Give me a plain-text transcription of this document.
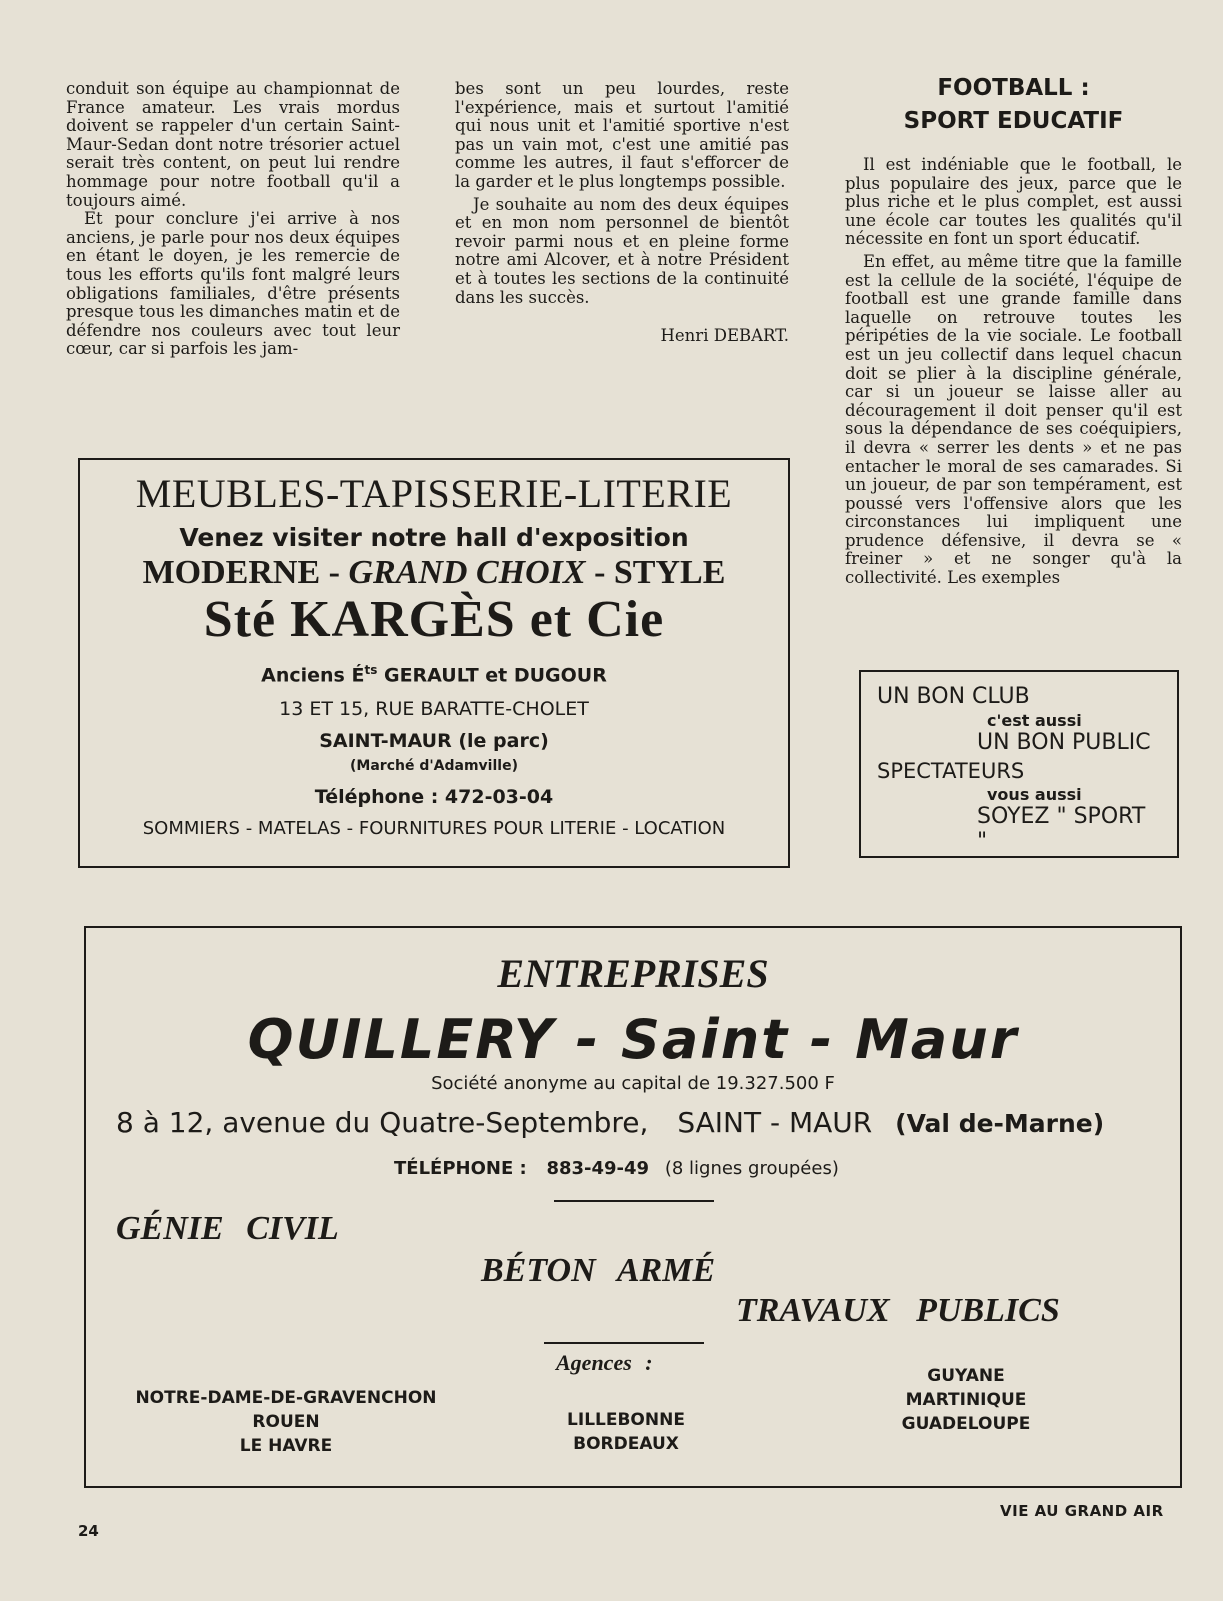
conduit son équipe au championnat de France amateur. Les vrais mordus doivent se rappeler d'un certain Saint-Maur-Sedan dont notre trésorier actuel serait très content, on peut lui rendre hommage pour notre football qu'il a toujours aimé.

Et pour conclure j'ei arrive à nos anciens, je parle pour nos deux équipes en étant le doyen, je les remercie de tous les efforts qu'ils font malgré leurs obligations familiales, d'être présents presque tous les dimanches matin et de défendre nos couleurs avec tout leur cœur, car si parfois les jam-

bes sont un peu lourdes, reste l'expérience, mais et surtout l'amitié qui nous unit et l'amitié sportive n'est pas un vain mot, c'est une amitié pas comme les autres, il faut s'efforcer de la garder et le plus longtemps possible.

Je souhaite au nom des deux équipes et en mon nom personnel de bientôt revoir parmi nous et en pleine forme notre ami Alcover, et à notre Président et à toutes les sections de la continuité dans les succès.

Henri DEBART.

FOOTBALL :
SPORT EDUCATIF

Il est indéniable que le football, le plus populaire des jeux, parce que le plus riche et le plus complet, est aussi une école car toutes les qualités qu'il nécessite en font un sport éducatif.

En effet, au même titre que la famille est la cellule de la société, l'équipe de football est une grande famille dans laquelle on retrouve toutes les péripéties de la vie sociale. Le football est un jeu collectif dans lequel chacun doit se plier à la discipline générale, car si un joueur se laisse aller au découragement il doit penser qu'il est sous la dépendance de ses coéquipiers, il devra « serrer les dents » et ne pas entacher le moral de ses camarades. Si un joueur, de par son tempérament, est poussé vers l'offensive alors que les circonstances lui impliquent une prudence défensive, il devra se « freiner » et ne songer qu'à la collectivité. Les exemples

UN BON CLUB
c'est aussi
UN BON PUBLIC
SPECTATEURS
vous aussi
SOYEZ " SPORT "
MEUBLES-TAPISSERIE-LITERIE
Venez visiter notre hall d'exposition
MODERNE - GRAND CHOIX - STYLE
Sté KARGÈS et Cie
Anciens $É^{ts}$ GERAULT et DUGOUR
13 ET 15, RUE BARATTE-CHOLET
SAINT-MAUR (le parc)
(Marché d'Adamville)
Téléphone : 472-03-04
SOMMIERS - MATELAS - FOURNITURES POUR LITERIE - LOCATION
ENTREPRISES
QUILLERY - Saint - Maur
Société anonyme au capital de 19.327.500 F
8 à 12, avenue du Quatre-Septembre, SAINT - MAUR (Val de-Marne)
TÉLÉPHONE : 883-49-49 (8 lignes groupées)
GÉNIE CIVIL
BÉTON ARMÉ
TRAVAUX PUBLICS
Agences :
NOTRE-DAME-DE-GRAVENCHON
ROUEN
LE HAVRE
LILLEBONNE
BORDEAUX
GUYANE
MARTINIQUE
GUADELOUPE
24
VIE AU GRAND AIR
